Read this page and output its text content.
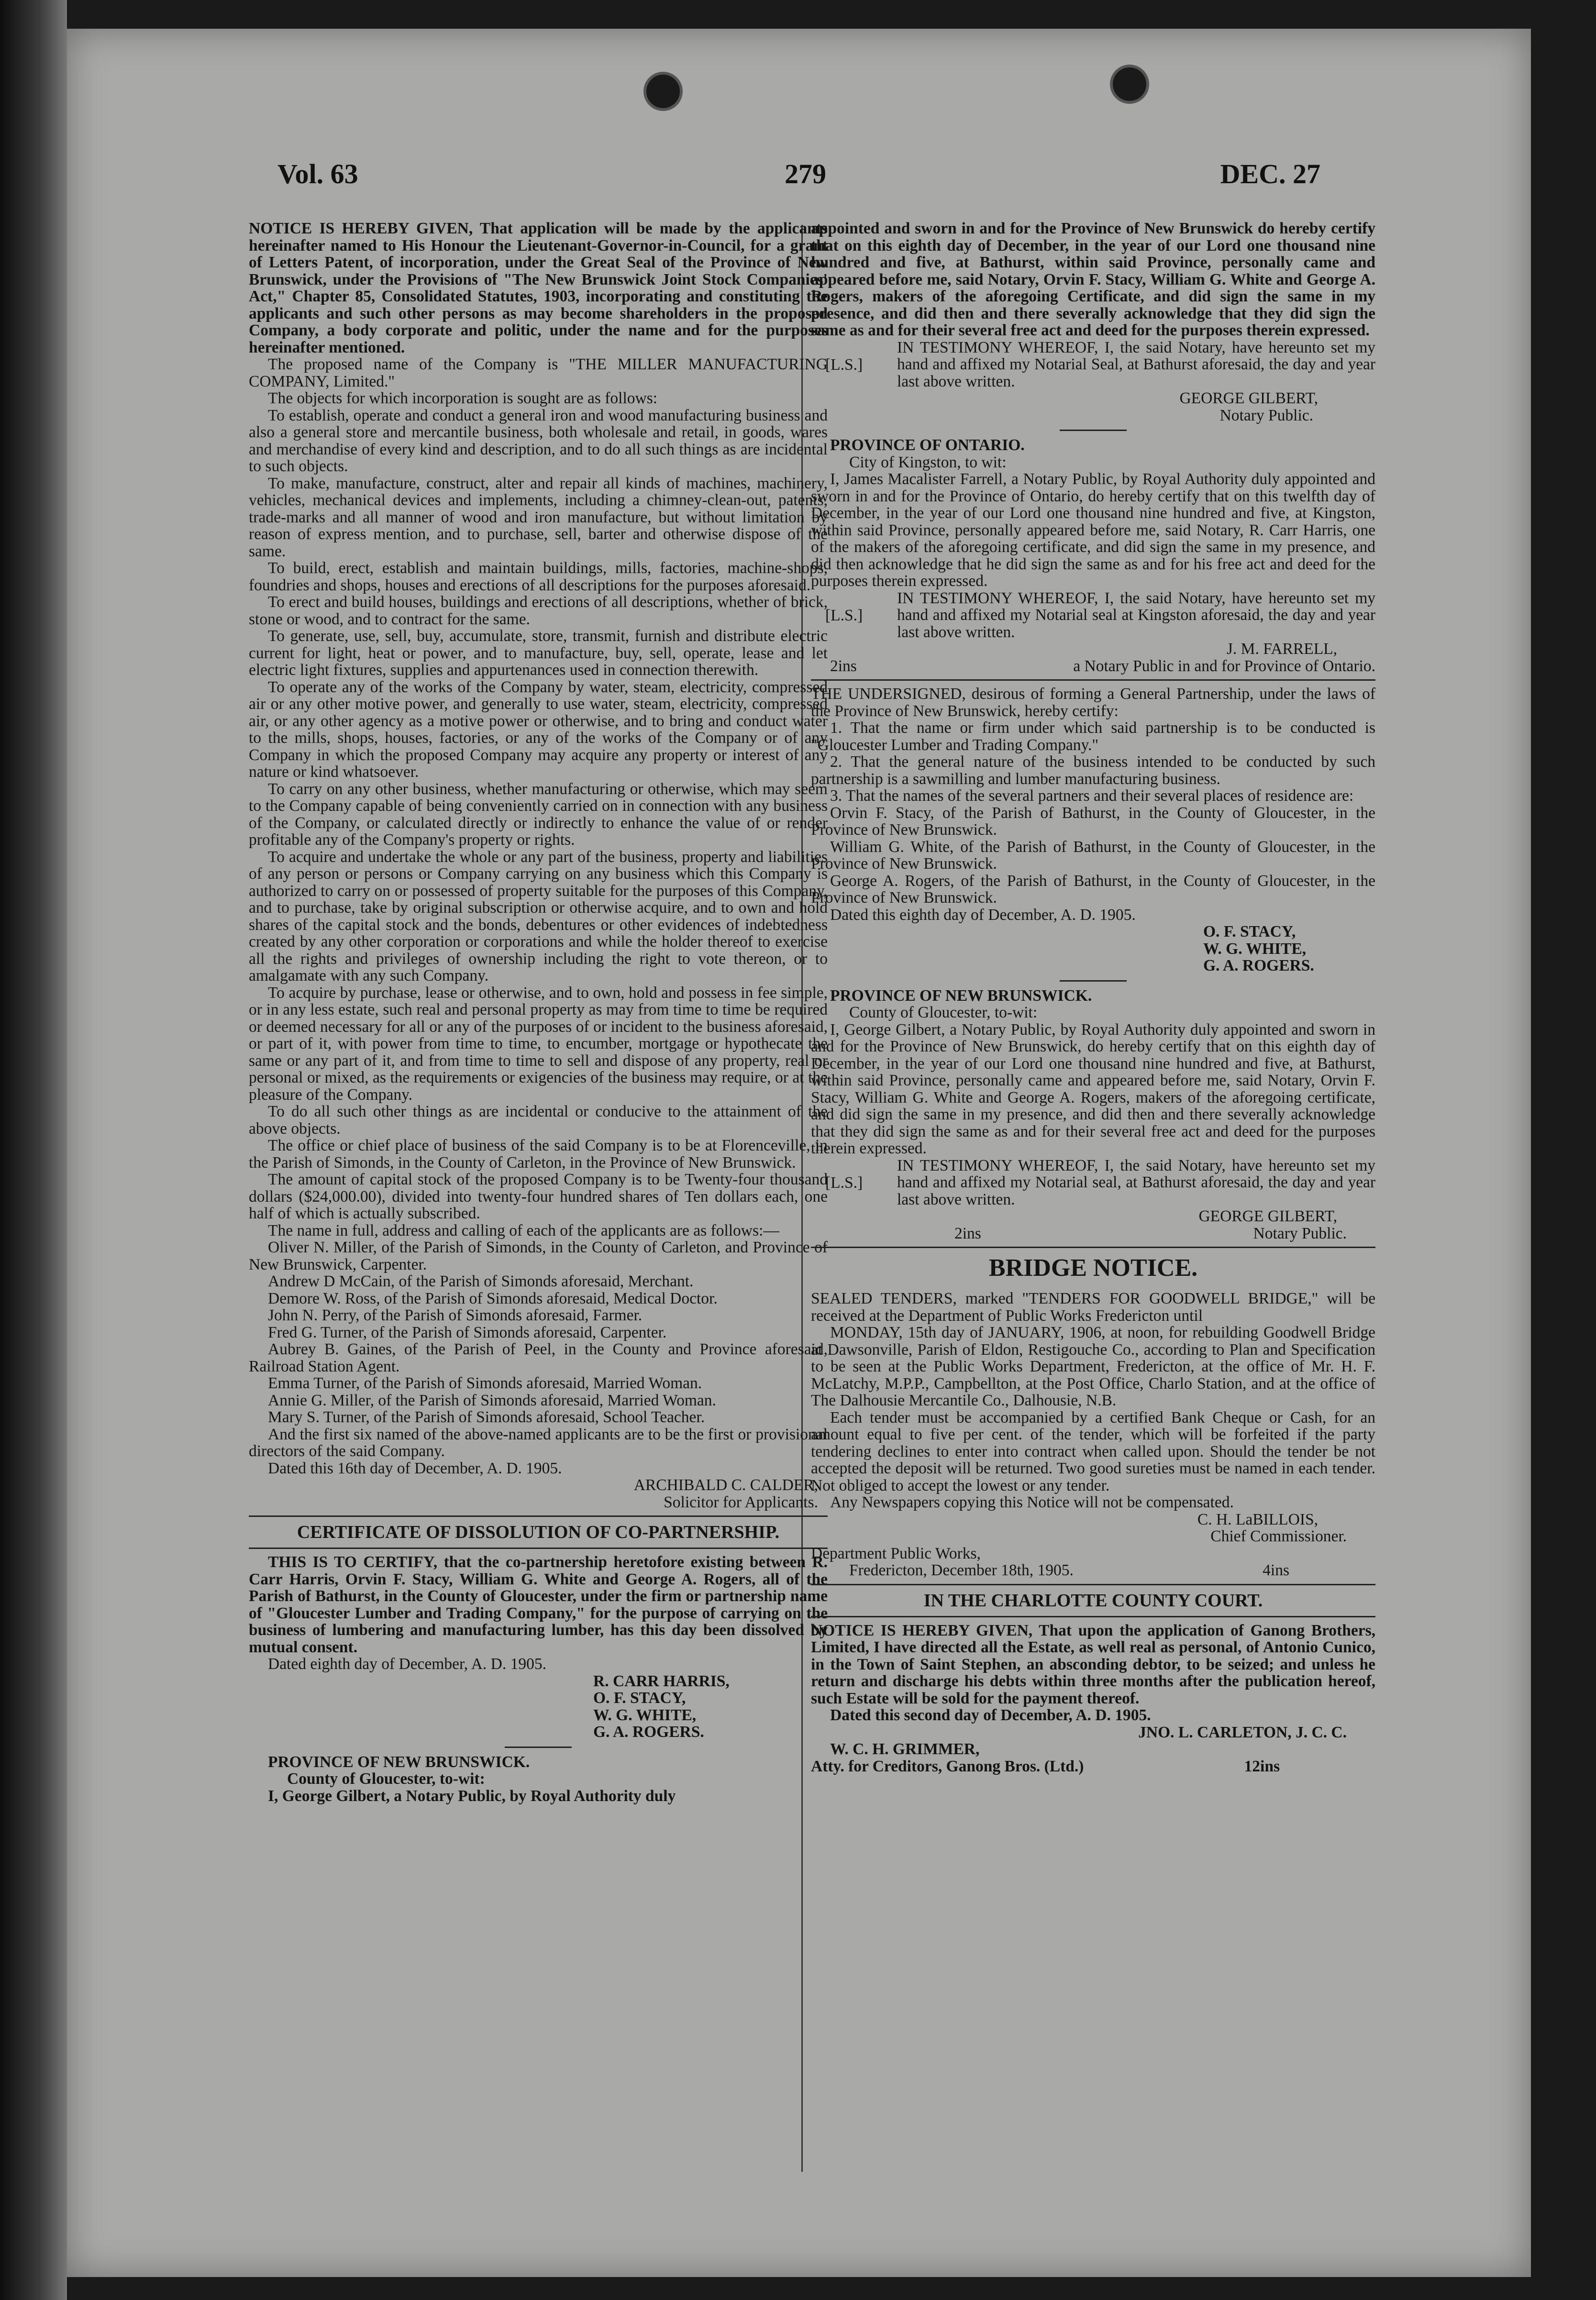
Vol. 63	279	DEC. 27

NOTICE IS HEREBY GIVEN, That application will be made by the applicants hereinafter named to His Honour the Lieutenant-Governor-in-Council, for a grant of Letters Patent, of incorporation, under the Great Seal of the Province of New Brunswick, under the Provisions of "The New Brunswick Joint Stock Companies' Act," Chapter 85, Consolidated Statutes, 1903, incorporating and constituting the applicants and such other persons as may become shareholders in the proposed Company, a body corporate and politic, under the name and for the purposes hereinafter mentioned.

The proposed name of the Company is "THE MILLER MANUFACTURING COMPANY, Limited."

The objects for which incorporation is sought are as follows:

To establish, operate and conduct a general iron and wood manufacturing business and also a general store and mercantile business, both wholesale and retail, in goods, wares and merchandise of every kind and description, and to do all such things as are incidental to such objects.

To make, manufacture, construct, alter and repair all kinds of machines, machinery, vehicles, mechanical devices and implements, including a chimney-clean-out, patents, trade-marks and all manner of wood and iron manufacture, but without limitation by reason of express mention, and to purchase, sell, barter and otherwise dispose of the same.

To build, erect, establish and maintain buildings, mills, factories, machine-shops, foundries and shops, houses and erections of all descriptions for the purposes aforesaid.

To erect and build houses, buildings and erections of all descriptions, whether of brick, stone or wood, and to contract for the same.

To generate, use, sell, buy, accumulate, store, transmit, furnish and distribute electric current for light, heat or power, and to manufacture, buy, sell, operate, lease and let electric light fixtures, supplies and appurtenances used in connection therewith.

To operate any of the works of the Company by water, steam, electricity, compressed air or any other motive power, and generally to use water, steam, electricity, compressed air, or any other agency as a motive power or otherwise, and to bring and conduct water to the mills, shops, houses, factories, or any of the works of the Company or of any Company in which the proposed Company may acquire any property or interest of any nature or kind whatsoever.

To carry on any other business, whether manufacturing or otherwise, which may seem to the Company capable of being conveniently carried on in connection with any business of the Company, or calculated directly or indirectly to enhance the value of or render profitable any of the Company's property or rights.

To acquire and undertake the whole or any part of the business, property and liabilities of any person or persons or Company carrying on any business which this Company is authorized to carry on or possessed of property suitable for the purposes of this Company, and to purchase, take by original subscription or otherwise acquire, and to own and hold shares of the capital stock and the bonds, debentures or other evidences of indebtedness created by any other corporation or corporations and while the holder thereof to exercise all the rights and privileges of ownership including the right to vote thereon, or to amalgamate with any such Company.

To acquire by purchase, lease or otherwise, and to own, hold and possess in fee simple, or in any less estate, such real and personal property as may from time to time be required or deemed necessary for all or any of the purposes of or incident to the business aforesaid, or part of it, with power from time to time, to encumber, mortgage or hypothecate the same or any part of it, and from time to time to sell and dispose of any property, real or personal or mixed, as the requirements or exigencies of the business may require, or at the pleasure of the Company.

To do all such other things as are incidental or conducive to the attainment of the above objects.

The office or chief place of business of the said Company is to be at Florenceville, in the Parish of Simonds, in the County of Carleton, in the Province of New Brunswick.

The amount of capital stock of the proposed Company is to be Twenty-four thousand dollars ($24,000.00), divided into twenty-four hundred shares of Ten dollars each, one half of which is actually subscribed.

The name in full, address and calling of each of the applicants are as follows:—

Oliver N. Miller, of the Parish of Simonds, in the County of Carleton, and Province of New Brunswick, Carpenter.

Andrew D McCain, of the Parish of Simonds aforesaid, Merchant.

Demore W. Ross, of the Parish of Simonds aforesaid, Medical Doctor.

John N. Perry, of the Parish of Simonds aforesaid, Farmer.

Fred G. Turner, of the Parish of Simonds aforesaid, Carpenter.

Aubrey B. Gaines, of the Parish of Peel, in the County and Province aforesaid, Railroad Station Agent.

Emma Turner, of the Parish of Simonds aforesaid, Married Woman.

Annie G. Miller, of the Parish of Simonds aforesaid, Married Woman.

Mary S. Turner, of the Parish of Simonds aforesaid, School Teacher.

And the first six named of the above-named applicants are to be the first or provisional directors of the said Company.

Dated this 16th day of December, A. D. 1905.

ARCHIBALD C. CALDER,
Solicitor for Applicants.
CERTIFICATE OF DISSOLUTION OF CO-PARTNERSHIP.

THIS IS TO CERTIFY, that the co-partnership heretofore existing between R. Carr Harris, Orvin F. Stacy, William G. White and George A. Rogers, all of the Parish of Bathurst, in the County of Gloucester, under the firm or partnership name of "Gloucester Lumber and Trading Company," for the purpose of carrying on the business of lumbering and manufacturing lumber, has this day been dissolved by mutual consent.

Dated eighth day of December, A. D. 1905.

R. CARR HARRIS,
O. F. STACY,
W. G. WHITE,
G. A. ROGERS.

PROVINCE OF NEW BRUNSWICK.

County of Gloucester, to-wit:

I, George Gilbert, a Notary Public, by Royal Authority duly

appointed and sworn in and for the Province of New Brunswick do hereby certify that on this eighth day of December, in the year of our Lord one thousand nine hundred and five, at Bathurst, within said Province, personally came and appeared before me, said Notary, Orvin F. Stacy, William G. White and George A. Rogers, makers of the aforegoing Certificate, and did sign the same in my presence, and did then and there severally acknowledge that they did sign the same as and for their several free act and deed for the purposes therein expressed.

[L.S.]
IN TESTIMONY WHEREOF, I, the said Notary, have hereunto set my hand and affixed my Notarial Seal, at Bathurst aforesaid, the day and year last above written.
GEORGE GILBERT,
Notary Public.

PROVINCE OF ONTARIO.

City of Kingston, to wit:

I, James Macalister Farrell, a Notary Public, by Royal Authority duly appointed and sworn in and for the Province of Ontario, do hereby certify that on this twelfth day of December, in the year of our Lord one thousand nine hundred and five, at Kingston, within said Province, personally appeared before me, said Notary, R. Carr Harris, one of the makers of the aforegoing certificate, and did sign the same in my presence, and did then acknowledge that he did sign the same as and for his free act and deed for the purposes therein expressed.

[L.S.]
IN TESTIMONY WHEREOF, I, the said Notary, have hereunto set my hand and affixed my Notarial seal at Kingston aforesaid, the day and year last above written.
J. M. FARRELL,
2ins	a Notary Public in and for Province of Ontario.

THE UNDERSIGNED, desirous of forming a General Partnership, under the laws of the Province of New Brunswick, hereby certify:

1. That the name or firm under which said partnership is to be conducted is "Gloucester Lumber and Trading Company."

2. That the general nature of the business intended to be conducted by such partnership is a sawmilling and lumber manufacturing business.

3. That the names of the several partners and their several places of residence are:

Orvin F. Stacy, of the Parish of Bathurst, in the County of Gloucester, in the Province of New Brunswick.

William G. White, of the Parish of Bathurst, in the County of Gloucester, in the Province of New Brunswick.

George A. Rogers, of the Parish of Bathurst, in the County of Gloucester, in the Province of New Brunswick.

Dated this eighth day of December, A. D. 1905.

O. F. STACY,
W. G. WHITE,
G. A. ROGERS.

PROVINCE OF NEW BRUNSWICK.

County of Gloucester, to-wit:

I, George Gilbert, a Notary Public, by Royal Authority duly appointed and sworn in and for the Province of New Brunswick, do hereby certify that on this eighth day of December, in the year of our Lord one thousand nine hundred and five, at Bathurst, within said Province, personally came and appeared before me, said Notary, Orvin F. Stacy, William G. White and George A. Rogers, makers of the aforegoing certificate, and did sign the same in my presence, and did then and there severally acknowledge that they did sign the same as and for their several free act and deed for the purposes therein expressed.

[L.S.]
IN TESTIMONY WHEREOF, I, the said Notary, have hereunto set my hand and affixed my Notarial seal, at Bathurst aforesaid, the day and year last above written.
GEORGE GILBERT,
2ins	Notary Public.
BRIDGE NOTICE.

SEALED TENDERS, marked "TENDERS FOR GOODWELL BRIDGE," will be received at the Department of Public Works Fredericton until

MONDAY, 15th day of JANUARY, 1906, at noon, for rebuilding Goodwell Bridge at Dawsonville, Parish of Eldon, Restigouche Co., according to Plan and Specification to be seen at the Public Works Department, Fredericton, at the office of Mr. H. F. McLatchy, M.P.P., Campbellton, at the Post Office, Charlo Station, and at the office of The Dalhousie Mercantile Co., Dalhousie, N.B.

Each tender must be accompanied by a certified Bank Cheque or Cash, for an amount equal to five per cent. of the tender, which will be forfeited if the party tendering declines to enter into contract when called upon. Should the tender be not accepted the deposit will be returned. Two good sureties must be named in each tender. Not obliged to accept the lowest or any tender.

Any Newspapers copying this Notice will not be compensated.

C. H. LaBILLOIS,
Chief Commissioner.

Department Public Works,

Fredericton, December 18th, 1905.	4ins
IN THE CHARLOTTE COUNTY COURT.

NOTICE IS HEREBY GIVEN, That upon the application of Ganong Brothers, Limited, I have directed all the Estate, as well real as personal, of Antonio Cunico, in the Town of Saint Stephen, an absconding debtor, to be seized; and unless he return and discharge his debts within three months after the publication hereof, such Estate will be sold for the payment thereof.

Dated this second day of December, A. D. 1905.

JNO. L. CARLETON, J. C. C.

W. C. H. GRIMMER,

Atty. for Creditors, Ganong Bros. (Ltd.)	12ins
